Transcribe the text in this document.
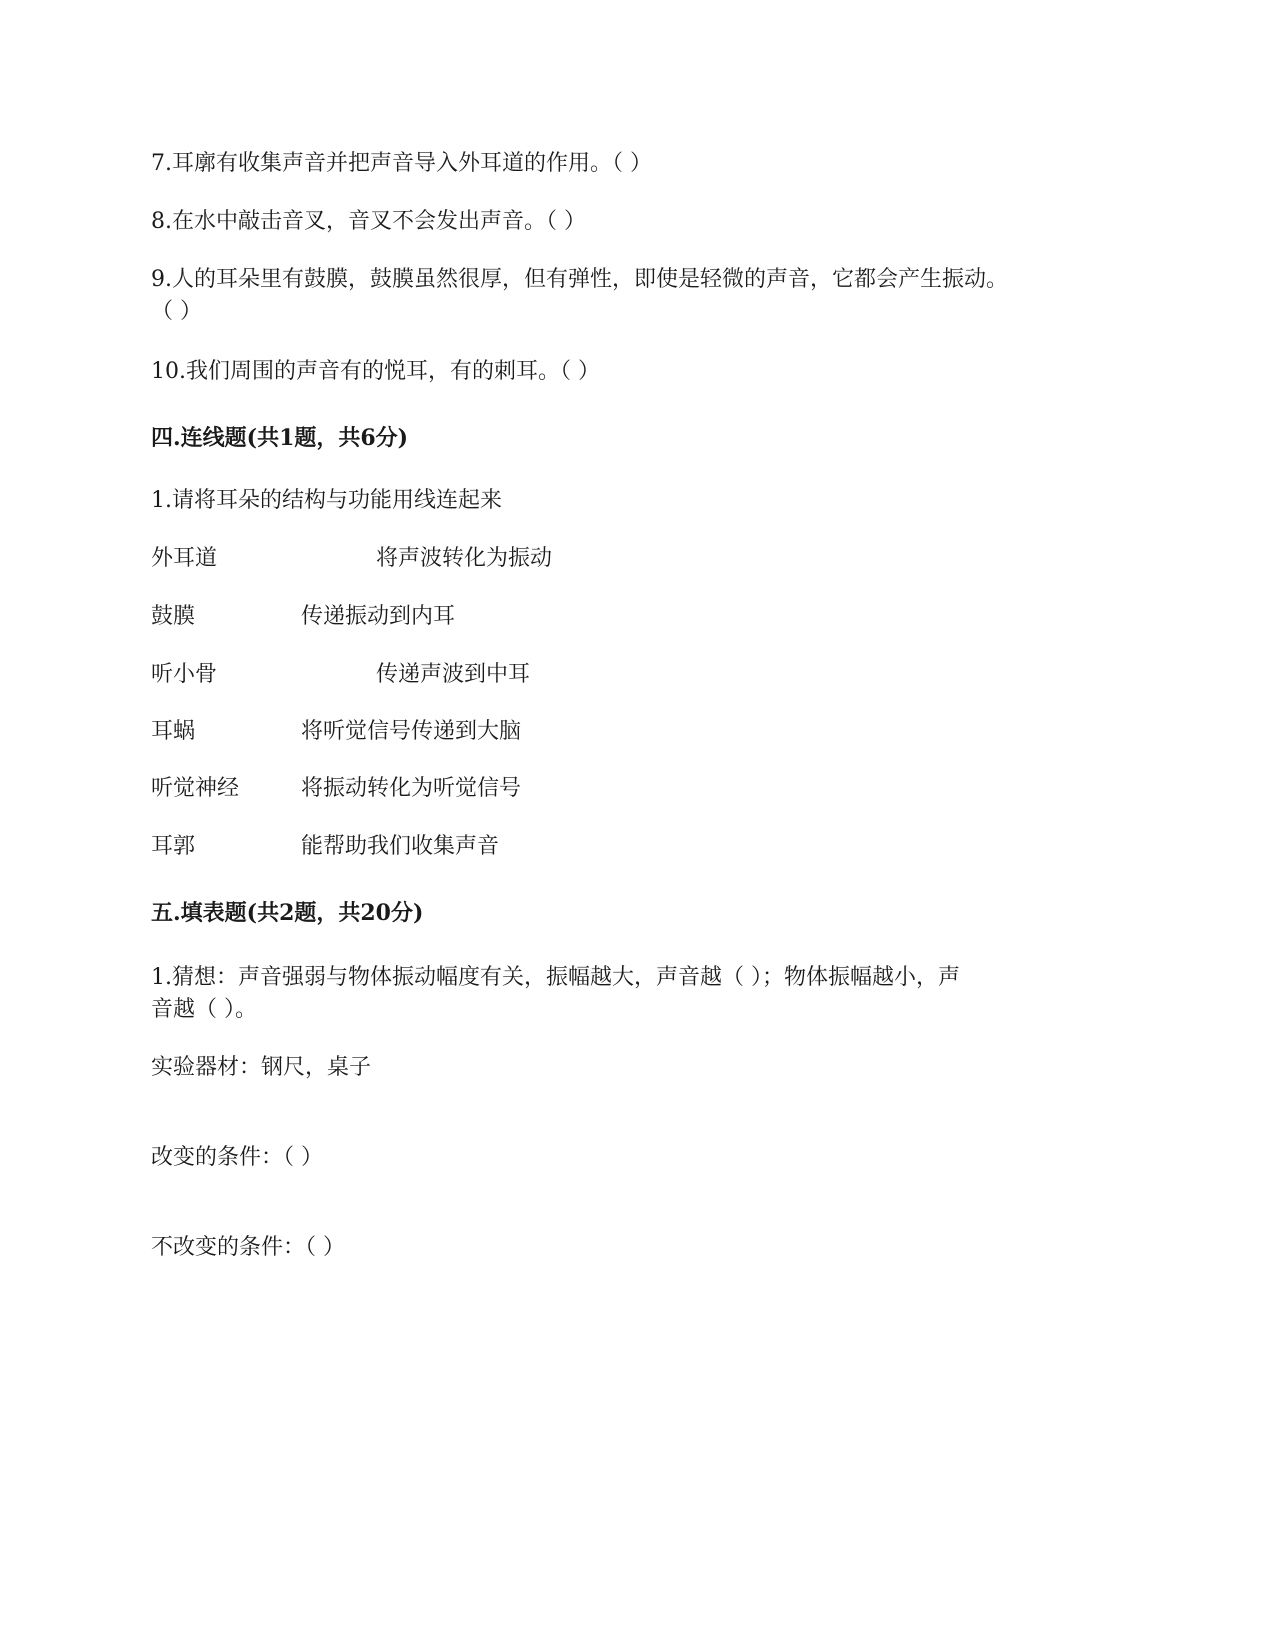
7.耳廓有收集声音并把声音导入外耳道的作用。（ ）
8.在水中敲击音叉，音叉不会发出声音。（ ）
9.人的耳朵里有鼓膜，鼓膜虽然很厚，但有弹性，即使是轻微的声音，它都会产生振动。
（ ）
10.我们周围的声音有的悦耳，有的刺耳。（ ）
四.连线题(共1题，共6分)
1.请将耳朵的结构与功能用线连起来
外耳道	将声波转化为振动
鼓膜	传递振动到内耳
听小骨	传递声波到中耳
耳蜗	将听觉信号传递到大脑
听觉神经	将振动转化为听觉信号
耳郭	能帮助我们收集声音
五.填表题(共2题，共20分)
1.猜想：声音强弱与物体振动幅度有关，振幅越大，声音越（ ）；物体振幅越小，声
音越（ ）。
实验器材：钢尺，桌子
改变的条件：（ ）
不改变的条件：（ ）
